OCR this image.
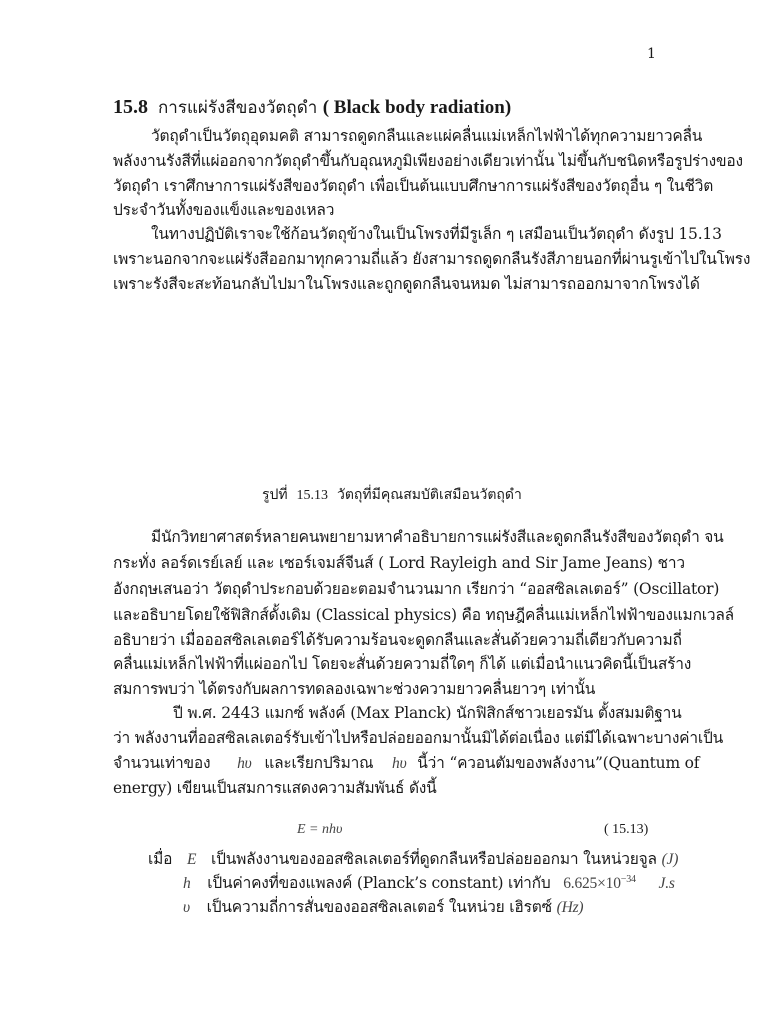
1
15.8 การแผ่รังสีของวัตถุดำ ( Black body radiation)
วัตถุดำเป็นวัตถุอุดมคติ สามารถดูดกลืนและแผ่คลื่นแม่เหล็กไฟฟ้าได้ทุกความยาวคลื่น
พลังงานรังสีที่แผ่ออกจากวัตถุดำขึ้นกับอุณหภูมิเพียงอย่างเดียวเท่านั้น ไม่ขึ้นกับชนิดหรือรูปร่างของ
วัตถุดำ เราศึกษาการแผ่รังสีของวัตถุดำ เพื่อเป็นต้นแบบศึกษาการแผ่รังสีของวัตถุอื่น ๆ ในชีวิต
ประจำวันทั้งของแข็งและของเหลว
ในทางปฏิบัติเราจะใช้ก้อนวัตถุข้างในเป็นโพรงที่มีรูเล็ก ๆ เสมือนเป็นวัตถุดำ ดังรูป 15.13
เพราะนอกจากจะแผ่รังสีออกมาทุกความถี่แล้ว ยังสามารถดูดกลืนรังสีภายนอกที่ผ่านรูเข้าไปในโพรง
เพราะรังสีจะสะท้อนกลับไปมาในโพรงและถูกดูดกลืนจนหมด ไม่สามารถออกมาจากโพรงได้
รูปที่ 15.13 วัตถุที่มีคุณสมบัติเสมือนวัตถุดำ
มีนักวิทยาศาสตร์หลายคนพยายามหาคำอธิบายการแผ่รังสีและดูดกลืนรังสีของวัตถุดำ จน
กระทั่ง ลอร์ดเรย์เลย์ และ เซอร์เจมส์จีนส์ ( Lord Rayleigh and Sir Jame Jeans) ชาว
อังกฤษเสนอว่า วัตถุดำประกอบด้วยอะตอมจำนวนมาก เรียกว่า “ออสซิลเลเตอร์” (Oscillator)
และอธิบายโดยใช้ฟิสิกส์ดั้งเดิม (Classical physics) คือ ทฤษฎีคลื่นแม่เหล็กไฟฟ้าของแมกเวลล์
อธิบายว่า เมื่อออสซิลเลเตอร์ได้รับความร้อนจะดูดกลืนและสั่นด้วยความถี่เดียวกับความถี่
คลื่นแม่เหล็กไฟฟ้าที่แผ่ออกไป โดยจะสั่นด้วยความถี่ใดๆ ก็ได้ แต่เมื่อนำแนวคิดนี้เป็นสร้าง
สมการพบว่า ได้ตรงกับผลการทดลองเฉพาะช่วงความยาวคลื่นยาวๆ เท่านั้น
ปี พ.ศ. 2443 แมกซ์ พลังค์ (Max Planck) นักฟิสิกส์ชาวเยอรมัน ตั้งสมมติฐาน
ว่า พลังงานที่ออสซิลเลเตอร์รับเข้าไปหรือปล่อยออกมานั้นมิได้ต่อเนื่อง แต่มีได้เฉพาะบางค่าเป็น
จำนวนเท่าของ hυ และเรียกปริมาณ hυ นี้ว่า “ควอนตัมของพลังงาน”(Quantum of
energy) เขียนเป็นสมการแสดงความสัมพันธ์ ดังนี้
E = nhυ	( 15.13)
เมื่อ E เป็นพลังงานของออสซิลเลเตอร์ที่ดูดกลืนหรือปล่อยออกมา ในหน่วยจูล (J)
h เป็นค่าคงที่ของแพลงค์ (Planck’s constant) เท่ากับ $6.625\times 10^{-34}$ J.s
υ เป็นความถี่การสั่นของออสซิลเลเตอร์ ในหน่วย เฮิรตซ์ (Hz)
